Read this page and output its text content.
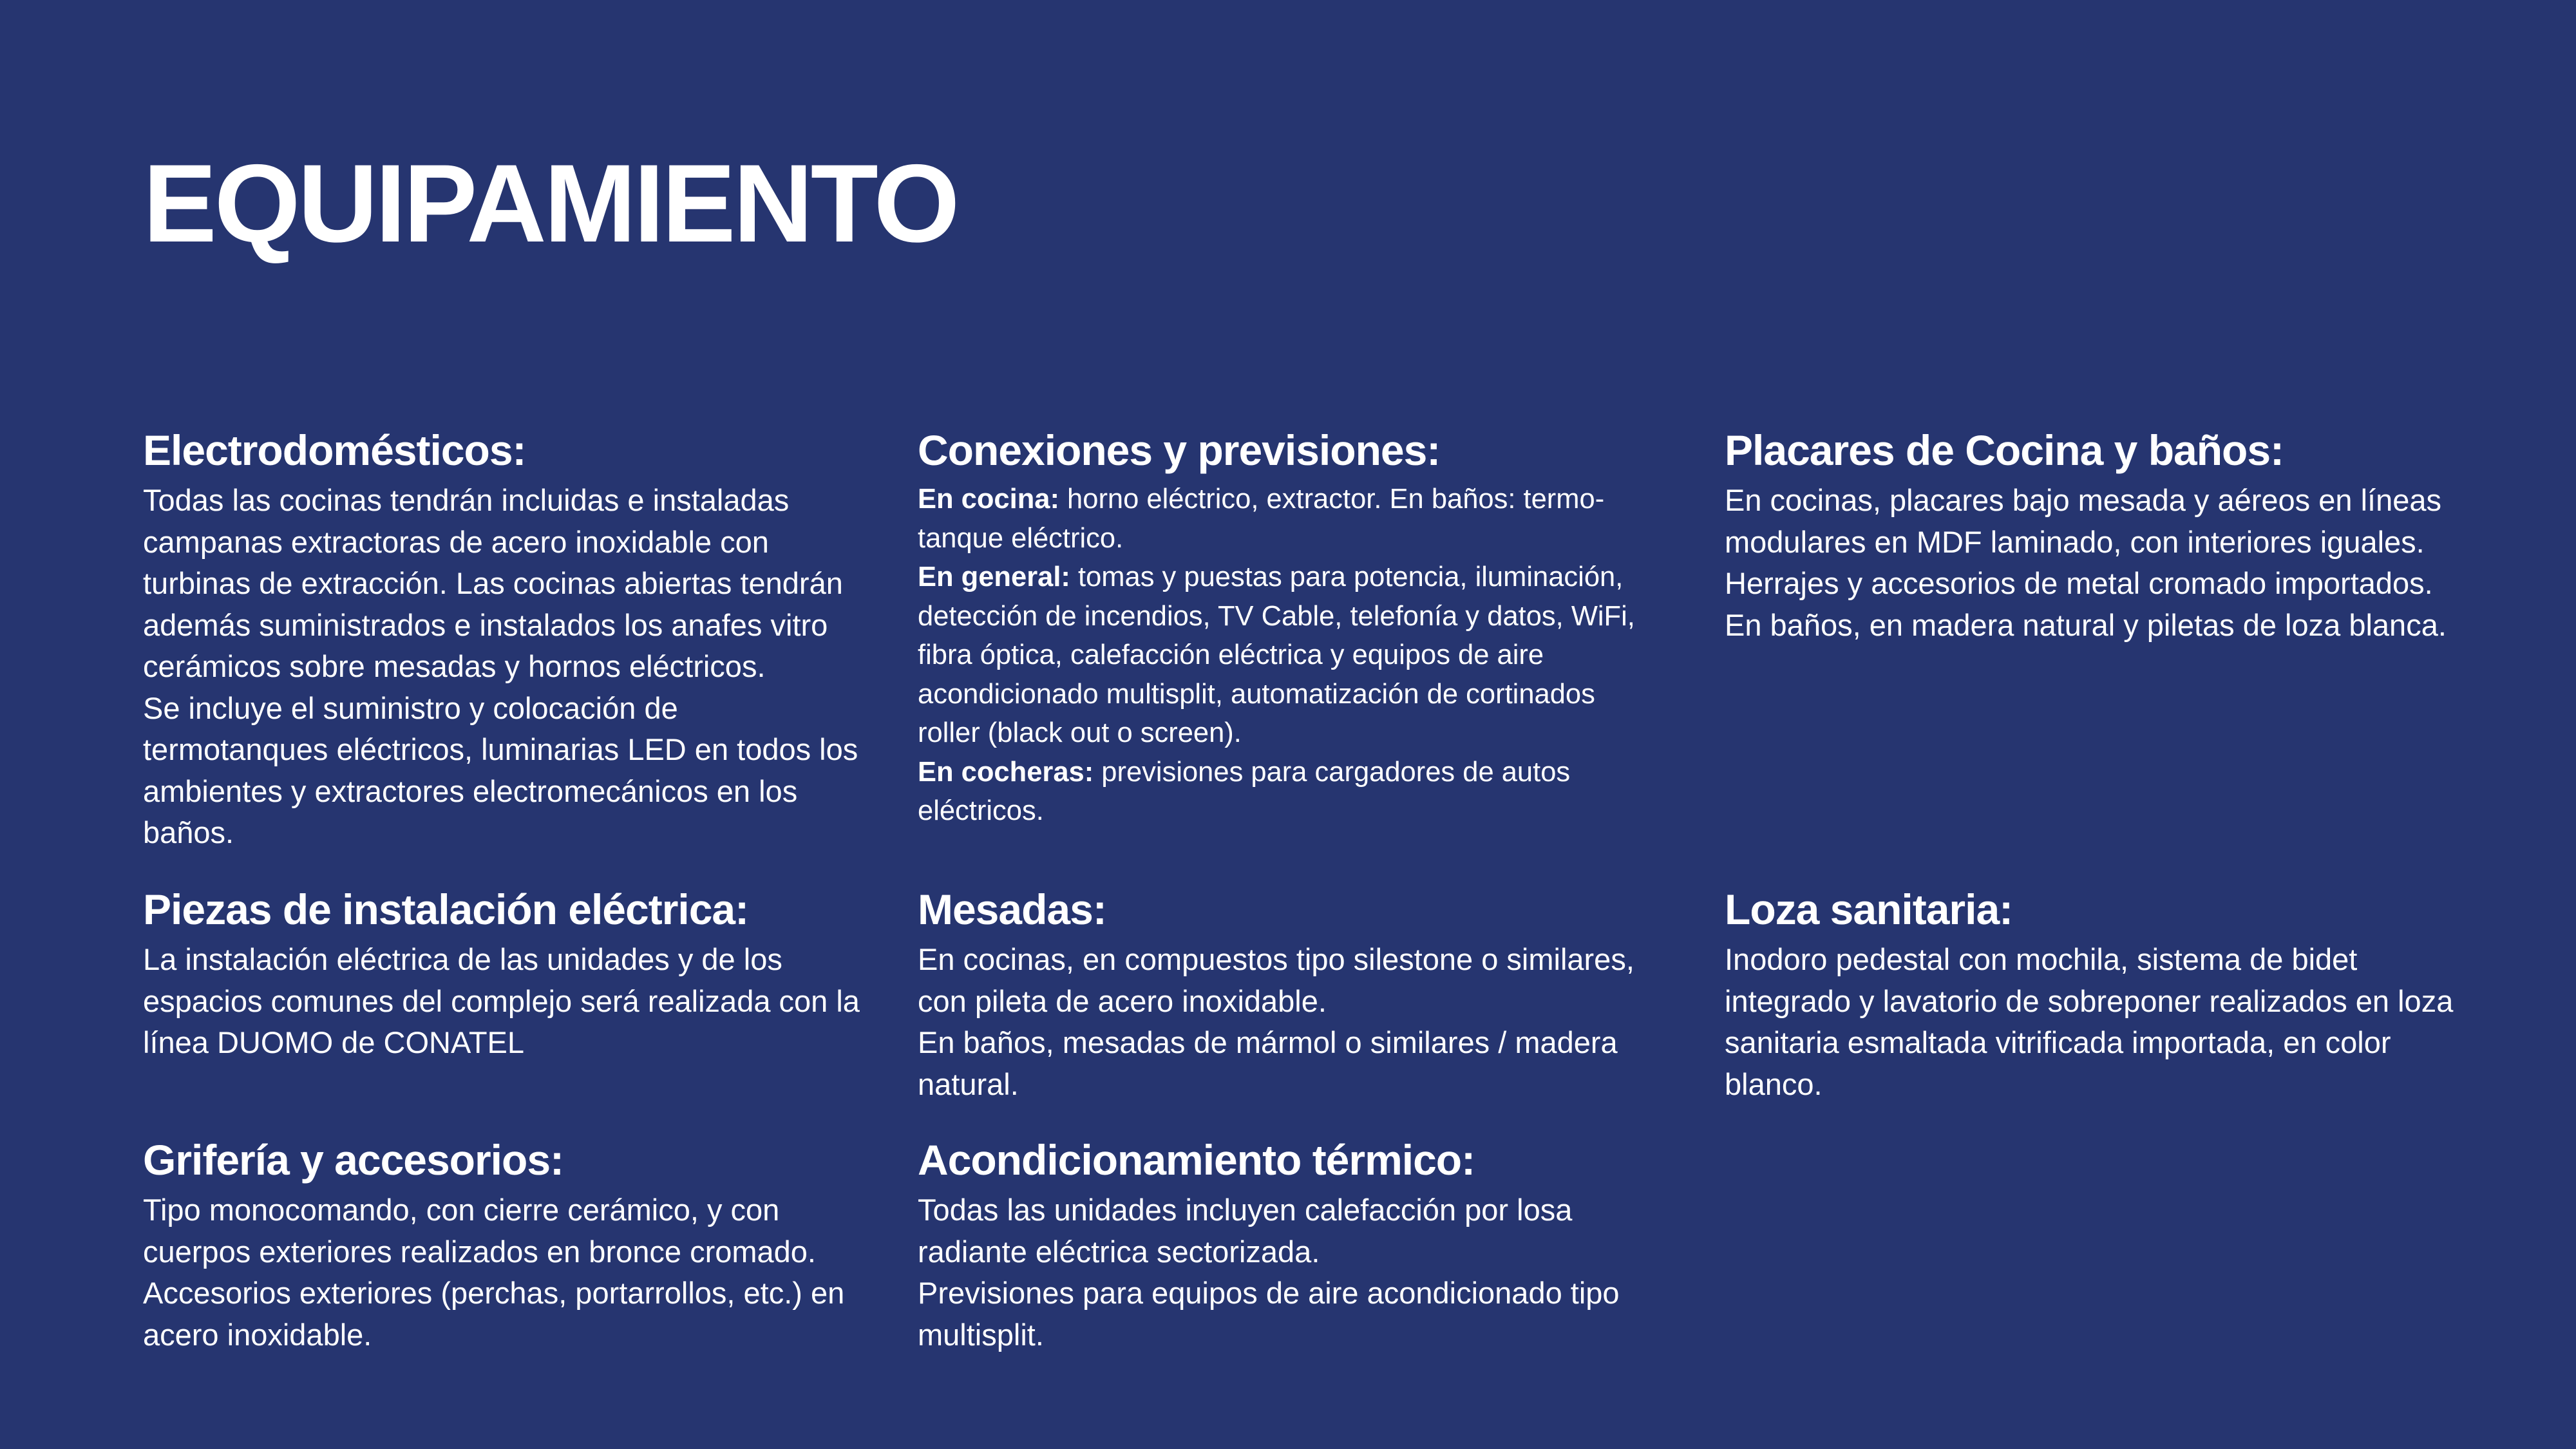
EQUIPAMIENTO
Electrodomésticos:

Todas las cocinas tendrán incluidas e instaladas

campanas extractoras de acero inoxidable con

turbinas de extracción. Las cocinas abiertas tendrán

además suministrados e instalados los anafes vitro

cerámicos sobre mesadas y hornos eléctricos.

Se incluye el suministro y colocación de

termotanques eléctricos, luminarias LED en todos los

ambientes y extractores electromecánicos en los

baños.

Conexiones y previsiones:

En cocina: horno eléctrico, extractor. En baños: termo-

tanque eléctrico.

En general: tomas y puestas para potencia, iluminación,

detección de incendios, TV Cable, telefonía y datos, WiFi,

fibra óptica, calefacción eléctrica y equipos de aire

acondicionado multisplit, automatización de cortinados

roller (black out o screen).

En cocheras: previsiones para cargadores de autos

eléctricos.

Placares de Cocina y baños:

En cocinas, placares bajo mesada y aéreos en líneas

modulares en MDF laminado, con interiores iguales.

Herrajes y accesorios de metal cromado importados.

En baños, en madera natural y piletas de loza blanca.

Piezas de instalación eléctrica:

La instalación eléctrica de las unidades y de los

espacios comunes del complejo será realizada con la

línea DUOMO de CONATEL

Mesadas:

En cocinas, en compuestos tipo silestone o similares,

con pileta de acero inoxidable.

En baños, mesadas de mármol o similares / madera

natural.

Loza sanitaria:

Inodoro pedestal con mochila, sistema de bidet

integrado y lavatorio de sobreponer realizados en loza

sanitaria esmaltada vitrificada importada, en color

blanco.

Grifería y accesorios:

Tipo monocomando, con cierre cerámico, y con

cuerpos exteriores realizados en bronce cromado.

Accesorios exteriores (perchas, portarrollos, etc.) en

acero inoxidable.

Acondicionamiento térmico:

Todas las unidades incluyen calefacción por losa

radiante eléctrica sectorizada.

Previsiones para equipos de aire acondicionado tipo

multisplit.
